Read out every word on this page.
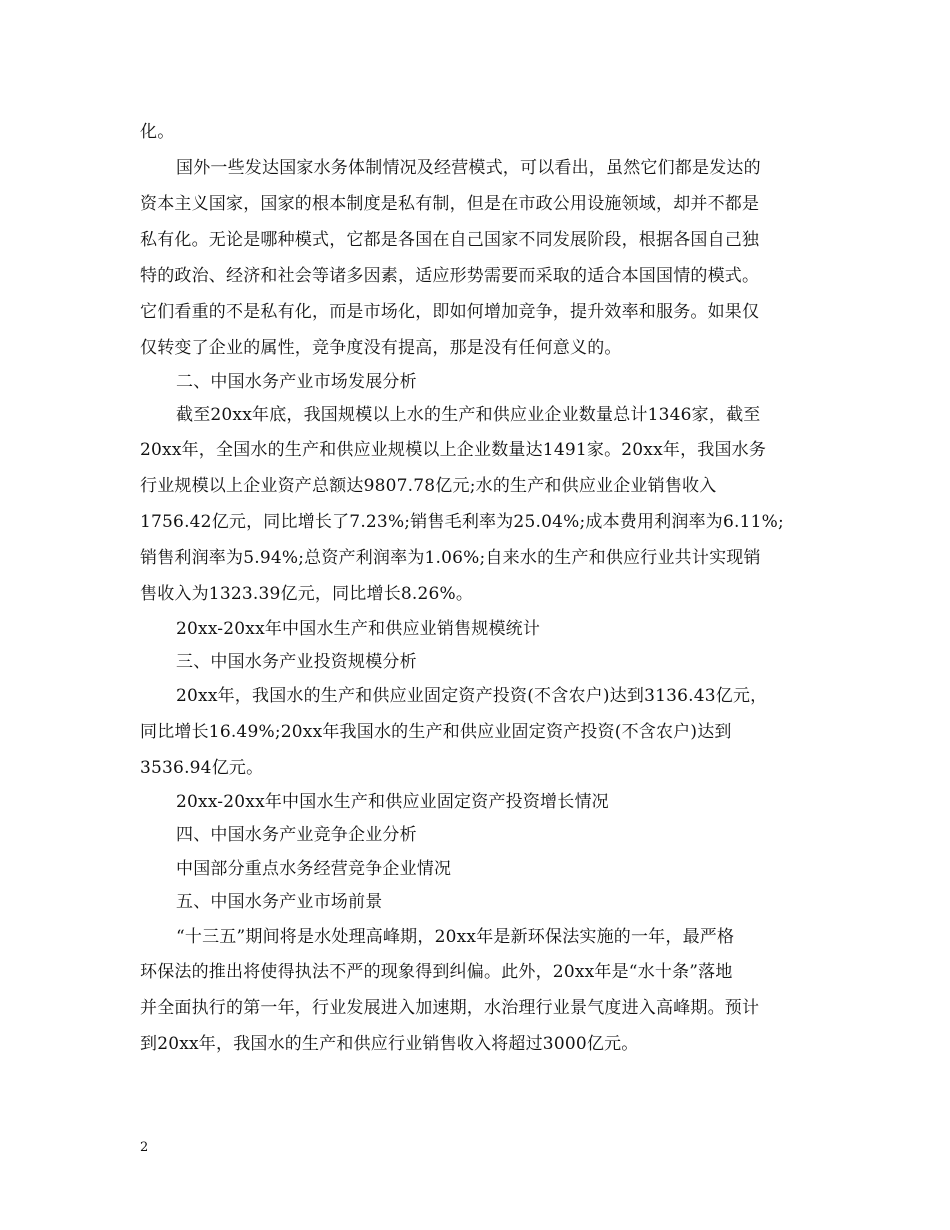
化。
国外一些发达国家水务体制情况及经营模式，可以看出，虽然它们都是发达的
资本主义国家，国家的根本制度是私有制，但是在市政公用设施领域，却并不都是
私有化。无论是哪种模式，它都是各国在自己国家不同发展阶段，根据各国自己独
特的政治、经济和社会等诸多因素，适应形势需要而采取的适合本国国情的模式。
它们看重的不是私有化，而是市场化，即如何增加竞争，提升效率和服务。如果仅
仅转变了企业的属性，竞争度没有提高，那是没有任何意义的。
二、中国水务产业市场发展分析
截至20xx年底，我国规模以上水的生产和供应业企业数量总计1346家，截至
20xx年，全国水的生产和供应业规模以上企业数量达1491家。20xx年，我国水务
行业规模以上企业资产总额达9807.78亿元;水的生产和供应业企业销售收入
1756.42亿元，同比增长了7.23%;销售毛利率为25.04%;成本费用利润率为6.11%;
销售利润率为5.94%;总资产利润率为1.06%;自来水的生产和供应行业共计实现销
售收入为1323.39亿元，同比增长8.26%。
20xx-20xx年中国水生产和供应业销售规模统计
三、中国水务产业投资规模分析
20xx年，我国水的生产和供应业固定资产投资(不含农户)达到3136.43亿元，
同比增长16.49%;20xx年我国水的生产和供应业固定资产投资(不含农户)达到
3536.94亿元。
20xx-20xx年中国水生产和供应业固定资产投资增长情况
四、中国水务产业竞争企业分析
中国部分重点水务经营竞争企业情况
五、中国水务产业市场前景
“十三五”期间将是水处理高峰期，20xx年是新环保法实施的一年，最严格
环保法的推出将使得执法不严的现象得到纠偏。此外，20xx年是“水十条”落地
并全面执行的第一年，行业发展进入加速期，水治理行业景气度进入高峰期。预计
到20xx年，我国水的生产和供应行业销售收入将超过3000亿元。
2
